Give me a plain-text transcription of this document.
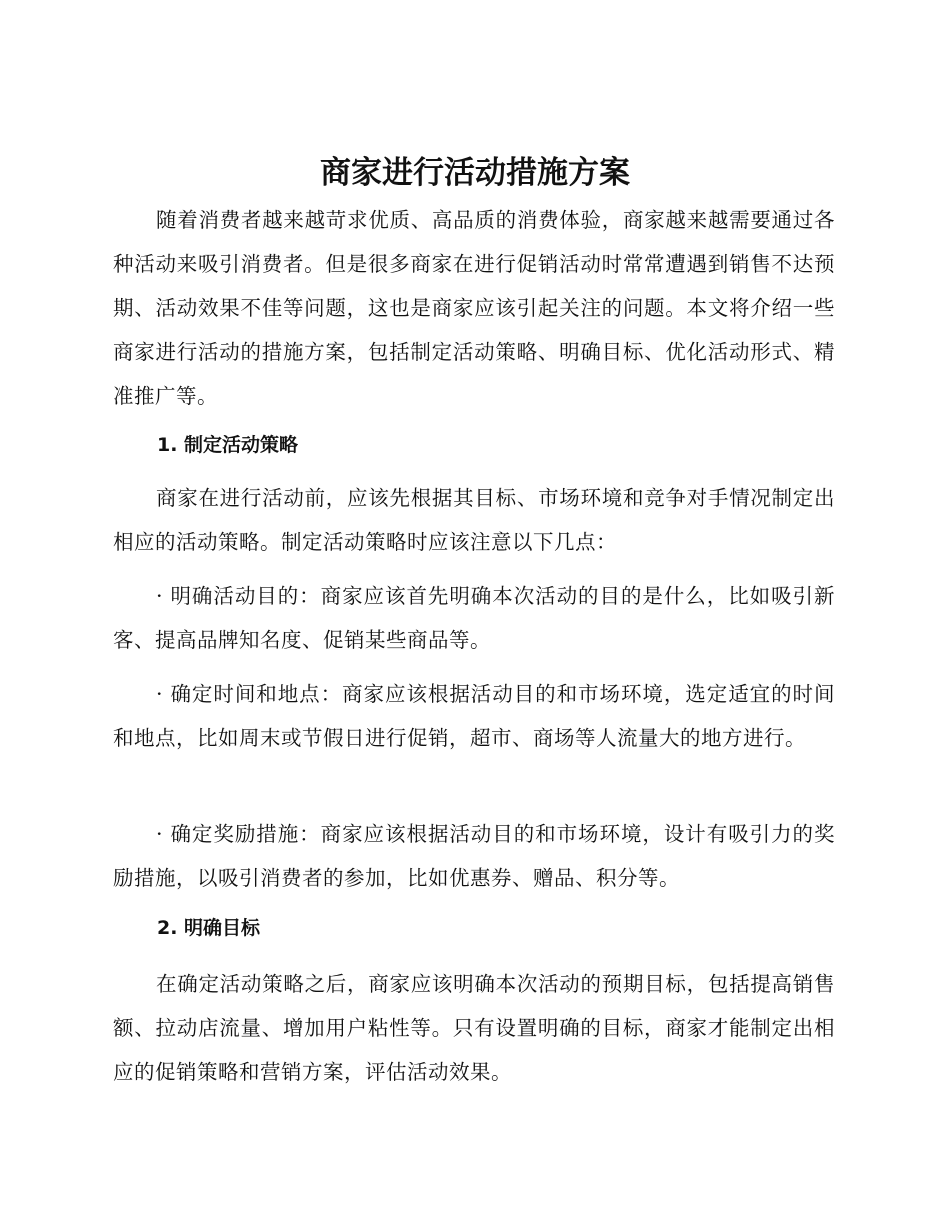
商家进行活动措施方案

随着消费者越来越苛求优质、高品质的消费体验，商家越来越需要通过各种活动来吸引消费者。但是很多商家在进行促销活动时常常遭遇到销售不达预期、活动效果不佳等问题，这也是商家应该引起关注的问题。本文将介绍一些商家进行活动的措施方案，包括制定活动策略、明确目标、优化活动形式、精准推广等。

1. 制定活动策略

商家在进行活动前，应该先根据其目标、市场环境和竞争对手情况制定出相应的活动策略。制定活动策略时应该注意以下几点：

· 明确活动目的：商家应该首先明确本次活动的目的是什么，比如吸引新客、提高品牌知名度、促销某些商品等。

· 确定时间和地点：商家应该根据活动目的和市场环境，选定适宜的时间和地点，比如周末或节假日进行促销，超市、商场等人流量大的地方进行。

· 确定奖励措施：商家应该根据活动目的和市场环境，设计有吸引力的奖励措施，以吸引消费者的参加，比如优惠券、赠品、积分等。

2. 明确目标

在确定活动策略之后，商家应该明确本次活动的预期目标，包括提高销售额、拉动店流量、增加用户粘性等。只有设置明确的目标，商家才能制定出相应的促销策略和营销方案，评估活动效果。
